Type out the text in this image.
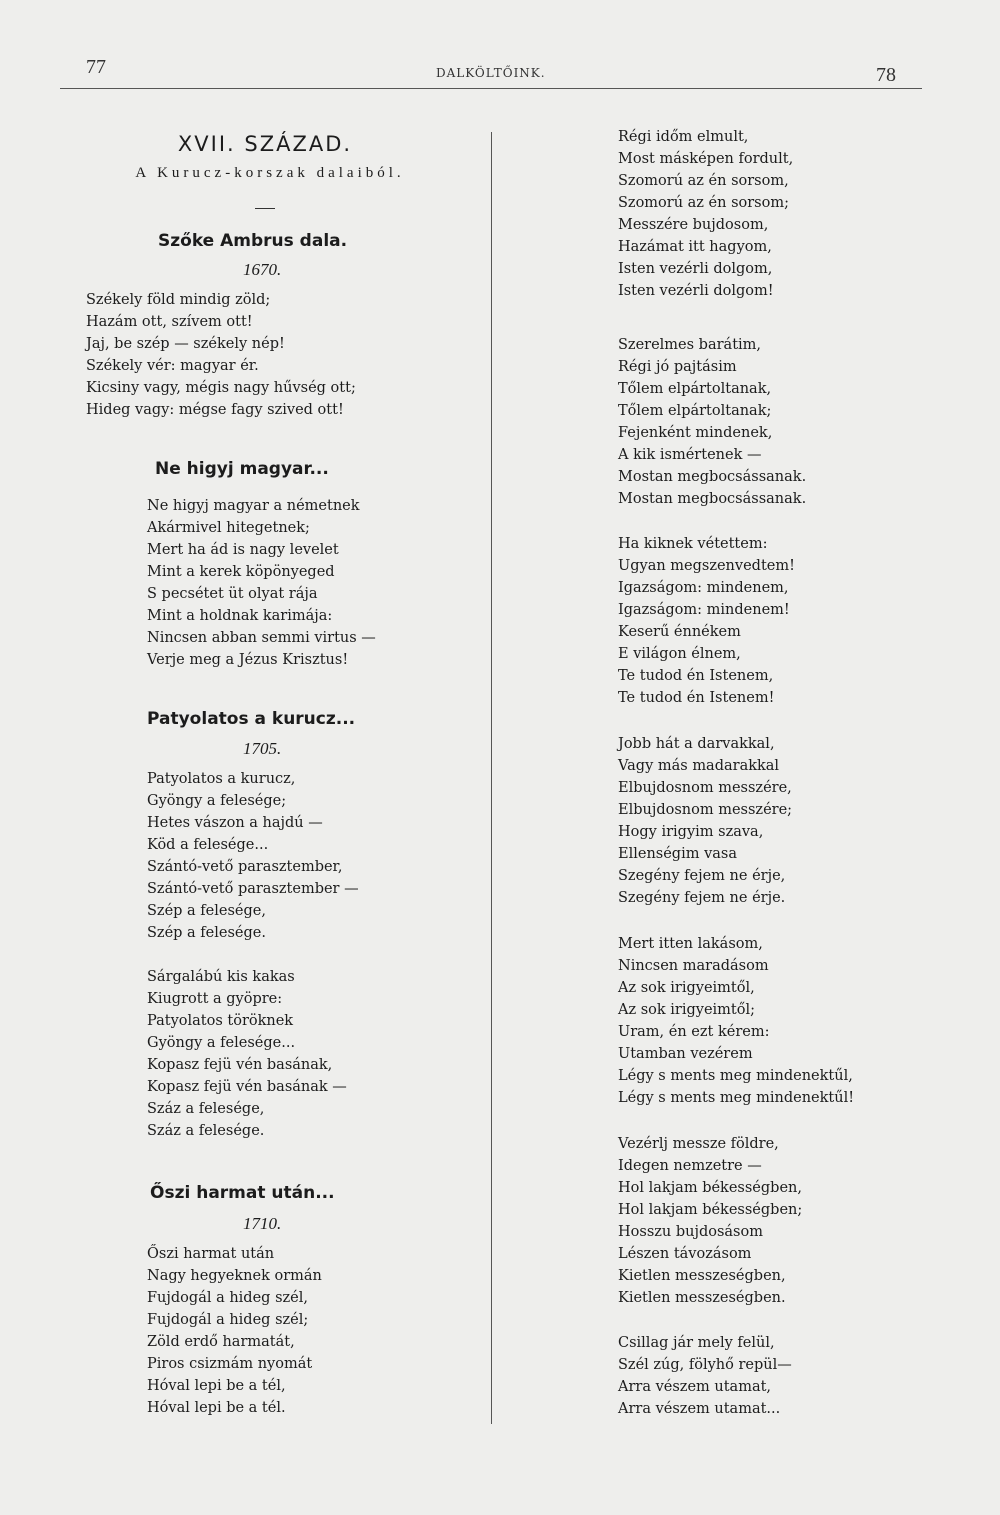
77	DALKÖLTŐINK.	78
XVII. SZÁZAD.
A Kurucz-korszak dalaiból.
Szőke Ambrus dala.
1670.
Székely föld mindig zöld;
Hazám ott, szívem ott!
Jaj, be szép — székely nép!
Székely vér: magyar ér.
Kicsiny vagy, mégis nagy hűvség ott;
Hideg vagy: mégse fagy szived ott!
Ne higyj magyar...
Ne higyj magyar a németnek
Akármivel hitegetnek;
Mert ha ád is nagy levelet
Mint a kerek köpönyeged
S pecsétet üt olyat rája
Mint a holdnak karimája:
Nincsen abban semmi virtus —
Verje meg a Jézus Krisztus!
Patyolatos a kurucz...
1705.
Patyolatos a kurucz,
Gyöngy a felesége;
Hetes vászon a hajdú —
Köd a felesége...
Szántó-vető parasztember,
Szántó-vető parasztember —
Szép a felesége,
Szép a felesége.
Sárgalábú kis kakas
Kiugrott a gyöpre:
Patyolatos töröknek
Gyöngy a felesége...
Kopasz fejü vén basának,
Kopasz fejü vén basának —
Száz a felesége,
Száz a felesége.
Őszi harmat után...
1710.
Őszi harmat után
Nagy hegyeknek ormán
Fujdogál a hideg szél,
Fujdogál a hideg szél;
Zöld erdő harmatát,
Piros csizmám nyomát
Hóval lepi be a tél,
Hóval lepi be a tél.
Régi időm elmult,
Most másképen fordult,
Szomorú az én sorsom,
Szomorú az én sorsom;
Messzére bujdosom,
Hazámat itt hagyom,
Isten vezérli dolgom,
Isten vezérli dolgom!
Szerelmes barátim,
Régi jó pajtásim
Tőlem elpártoltanak,
Tőlem elpártoltanak;
Fejenként mindenek,
A kik ismértenek —
Mostan megbocsássanak.
Mostan megbocsássanak.
Ha kiknek vétettem:
Ugyan megszenvedtem!
Igazságom: mindenem,
Igazságom: mindenem!
Keserű énnékem
E világon élnem,
Te tudod én Istenem,
Te tudod én Istenem!
Jobb hát a darvakkal,
Vagy más madarakkal
Elbujdosnom messzére,
Elbujdosnom messzére;
Hogy irigyim szava,
Ellenségim vasa
Szegény fejem ne érje,
Szegény fejem ne érje.
Mert itten lakásom,
Nincsen maradásom
Az sok irigyeimtől,
Az sok irigyeimtől;
Uram, én ezt kérem:
Utamban vezérem
Légy s ments meg mindenektűl,
Légy s ments meg mindenektűl!
Vezérlj messze földre,
Idegen nemzetre —
Hol lakjam békességben,
Hol lakjam békességben;
Hosszu bujdosásom
Lészen távozásom
Kietlen messzeségben,
Kietlen messzeségben.
Csillag jár mely felül,
Szél zúg, fölyhő repül—
Arra vészem utamat,
Arra vészem utamat...
